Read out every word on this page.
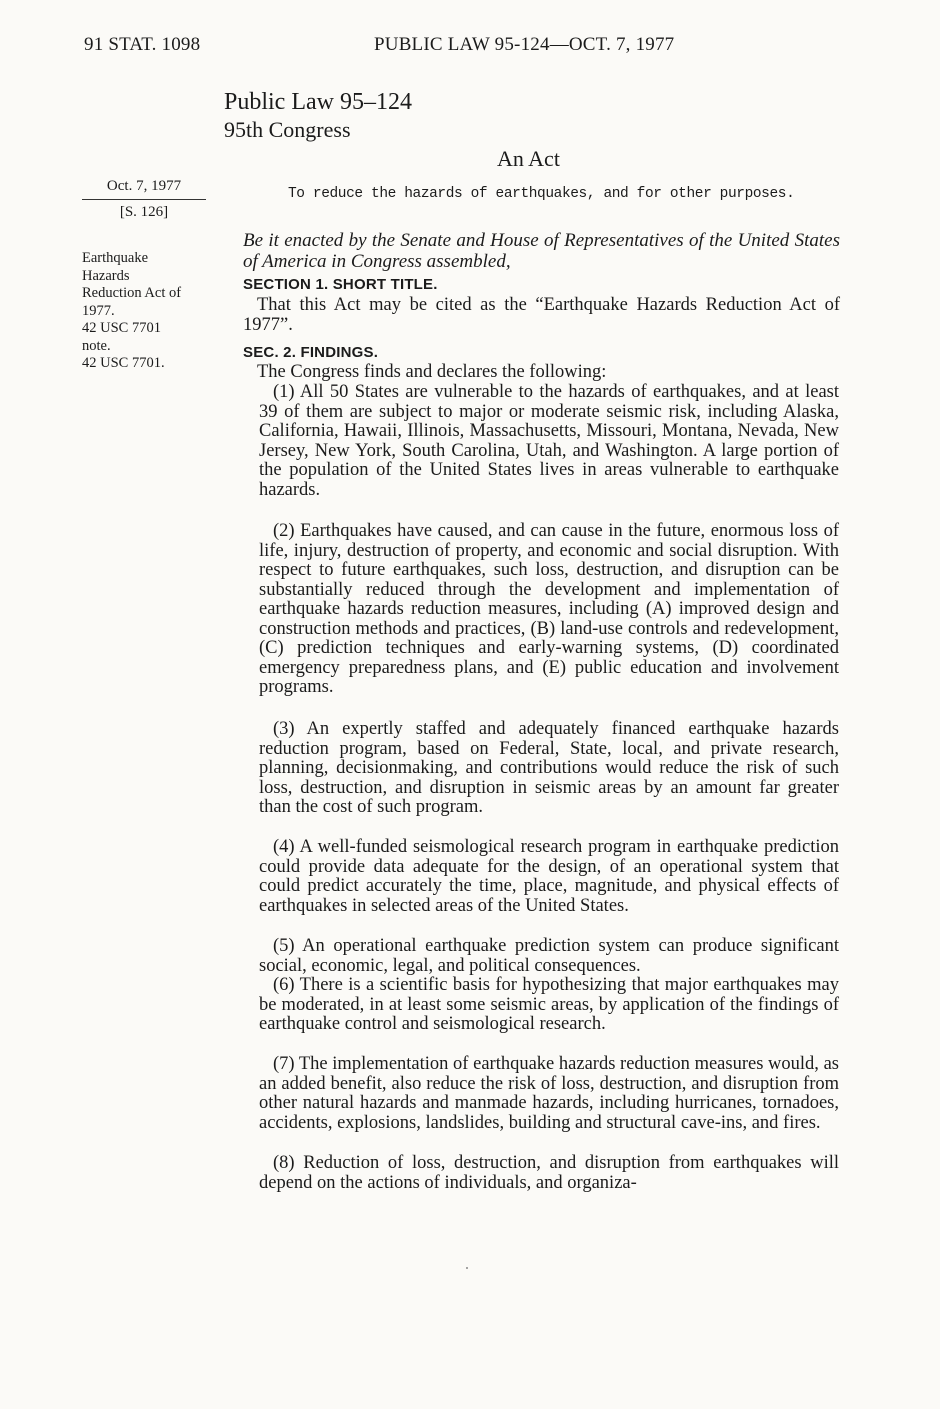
91 STAT. 1098	PUBLIC LAW 95-124—OCT. 7, 1977
Public Law 95–124
95th Congress
An Act
To reduce the hazards of earthquakes, and for other purposes.
Oct. 7, 1977
[S. 126]
Earthquake
Hazards
Reduction Act of
1977.
42 USC 7701
note.
42 USC 7701.
Be it enacted by the Senate and House of Representatives of the United States of America in Congress assembled,
SECTION 1. SHORT TITLE.
That this Act may be cited as the “Earthquake Hazards Reduction Act of 1977”.
SEC. 2. FINDINGS.
The Congress finds and declares the following:
(1) All 50 States are vulnerable to the hazards of earthquakes, and at least 39 of them are subject to major or moderate seismic risk, including Alaska, California, Hawaii, Illinois, Massachusetts, Missouri, Montana, Nevada, New Jersey, New York, South Carolina, Utah, and Washington. A large portion of the population of the United States lives in areas vulnerable to earthquake hazards.
(2) Earthquakes have caused, and can cause in the future, enormous loss of life, injury, destruction of property, and economic and social disruption. With respect to future earthquakes, such loss, destruction, and disruption can be substantially reduced through the development and implementation of earthquake hazards reduction measures, including (A) improved design and construction methods and practices, (B) land-use controls and redevelopment, (C) prediction techniques and early-warning systems, (D) coordinated emergency preparedness plans, and (E) public education and involvement programs.
(3) An expertly staffed and adequately financed earthquake hazards reduction program, based on Federal, State, local, and private research, planning, decisionmaking, and contributions would reduce the risk of such loss, destruction, and disruption in seismic areas by an amount far greater than the cost of such program.
(4) A well-funded seismological research program in earthquake prediction could provide data adequate for the design, of an operational system that could predict accurately the time, place, magnitude, and physical effects of earthquakes in selected areas of the United States.
(5) An operational earthquake prediction system can produce significant social, economic, legal, and political consequences.
(6) There is a scientific basis for hypothesizing that major earthquakes may be moderated, in at least some seismic areas, by application of the findings of earthquake control and seismological research.
(7) The implementation of earthquake hazards reduction measures would, as an added benefit, also reduce the risk of loss, destruction, and disruption from other natural hazards and manmade hazards, including hurricanes, tornadoes, accidents, explosions, landslides, building and structural cave-ins, and fires.
(8) Reduction of loss, destruction, and disruption from earthquakes will depend on the actions of individuals, and organiza-
